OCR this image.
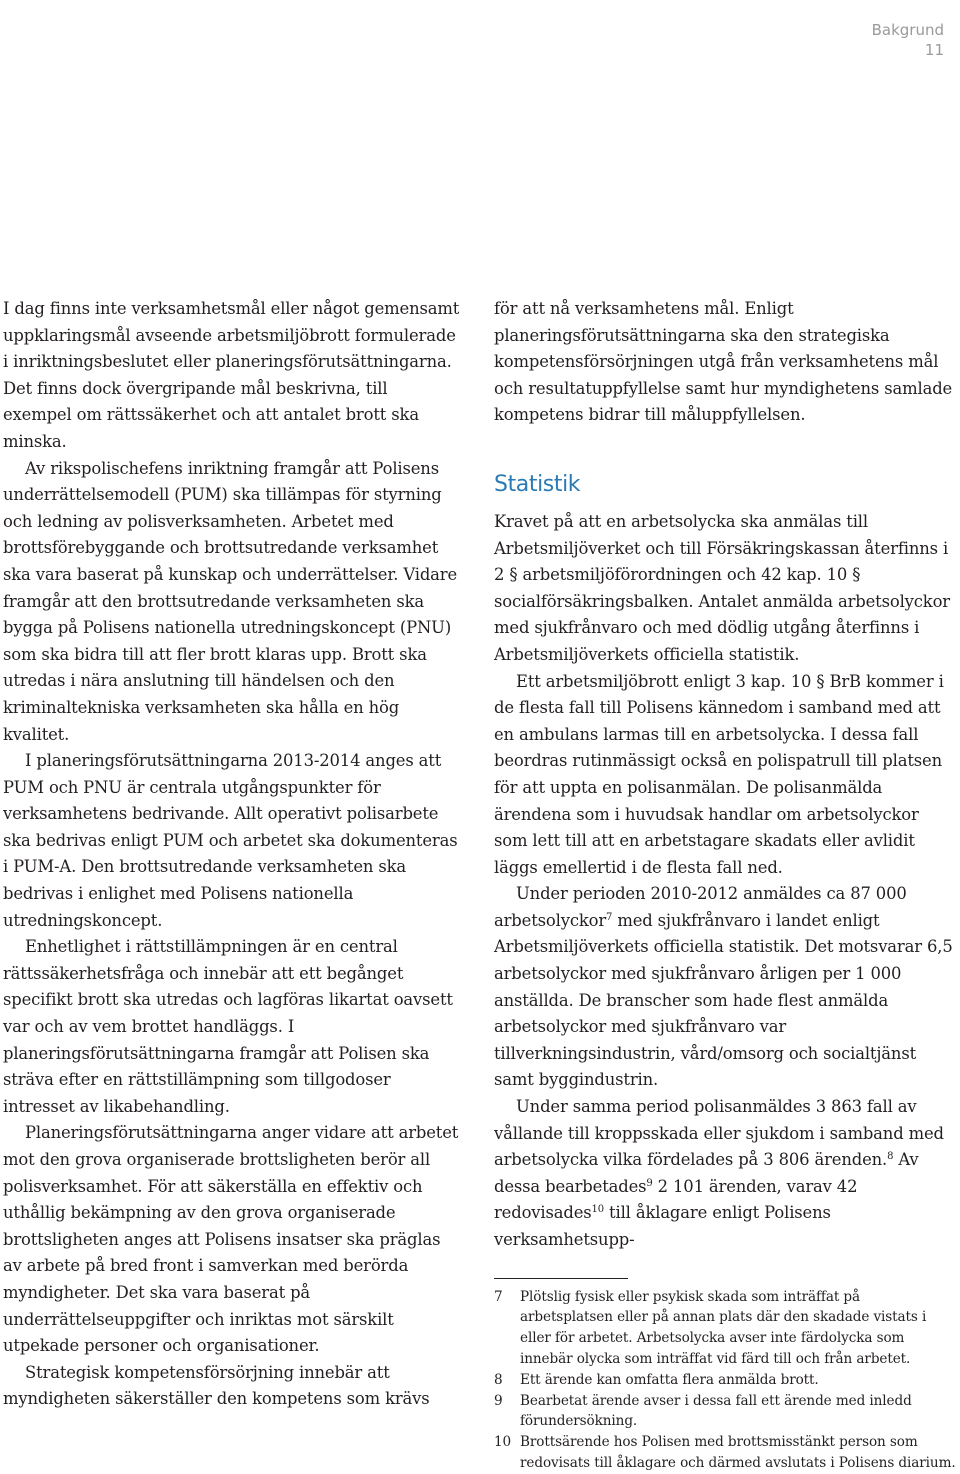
Bakgrund
11

I dag finns inte verksamhetsmål eller något gemensamt uppklaringsmål avseende arbetsmiljöbrott formulerade i inriktningsbeslutet eller planeringsförutsättningarna. Det finns dock övergripande mål beskrivna, till exempel om rättssäkerhet och att antalet brott ska minska.

Av rikspolischefens inriktning framgår att Polisens underrättelsemodell (PUM) ska tillämpas för styrning och ledning av polisverksamheten. Arbetet med brottsförebyggande och brottsutredande verksamhet ska vara baserat på kunskap och underrättelser. Vidare framgår att den brottsutredande verksamheten ska bygga på Polisens nationella utredningskoncept (PNU) som ska bidra till att fler brott klaras upp. Brott ska utredas i nära anslutning till händelsen och den kriminaltekniska verksamheten ska hålla en hög kvalitet.

I planeringsförutsättningarna 2013-2014 anges att PUM och PNU är centrala utgångspunkter för verksamhetens bedrivande. Allt operativt polisarbete ska bedrivas enligt PUM och arbetet ska dokumenteras i PUM-A. Den brottsutredande verksamheten ska bedrivas i enlighet med Polisens nationella utredningskoncept.

Enhetlighet i rättstillämpningen är en central rättssäkerhetsfråga och innebär att ett begånget specifikt brott ska utredas och lagföras likartat oavsett var och av vem brottet handläggs. I planeringsförutsättningarna framgår att Polisen ska sträva efter en rättstillämpning som tillgodoser intresset av likabehandling.

Planeringsförutsättningarna anger vidare att arbetet mot den grova organiserade brottsligheten berör all polisverksamhet. För att säkerställa en effektiv och uthållig bekämpning av den grova organiserade brottsligheten anges att Polisens insatser ska präglas av arbete på bred front i samverkan med berörda myndigheter. Det ska vara baserat på underrättelseuppgifter och inriktas mot särskilt utpekade personer och organisationer.

Strategisk kompetensförsörjning innebär att myndigheten säkerställer den kompetens som krävs

för att nå verksamhetens mål. Enligt planeringsförutsättningarna ska den strategiska kompetensförsörjningen utgå från verksamhetens mål och resultatuppfyllelse samt hur myndighetens samlade kompetens bidrar till måluppfyllelsen.

Statistik

Kravet på att en arbetsolycka ska anmälas till Arbetsmiljöverket och till Försäkringskassan återfinns i 2 § arbetsmiljöförordningen och 42 kap. 10 § socialförsäkringsbalken. Antalet anmälda arbetsolyckor med sjukfrånvaro och med dödlig utgång återfinns i Arbetsmiljöverkets officiella statistik.

Ett arbetsmiljöbrott enligt 3 kap. 10 § BrB kommer i de flesta fall till Polisens kännedom i samband med att en ambulans larmas till en arbetsolycka. I dessa fall beordras rutinmässigt också en polispatrull till platsen för att uppta en polisanmälan. De polisanmälda ärendena som i huvudsak handlar om arbetsolyckor som lett till att en arbetstagare skadats eller avlidit läggs emellertid i de flesta fall ned.

Under perioden 2010-2012 anmäldes ca 87 000 arbetsolyckor$^7$ med sjukfrånvaro i landet enligt Arbetsmiljöverkets officiella statistik. Det motsvarar 6,5 arbetsolyckor med sjukfrånvaro årligen per 1 000 anställda. De branscher som hade flest anmälda arbetsolyckor med sjukfrånvaro var tillverkningsindustrin, vård/omsorg och socialtjänst samt byggindustrin.

Under samma period polisanmäldes 3 863 fall av vållande till kroppsskada eller sjukdom i samband med arbetsolycka vilka fördelades på 3 806 ärenden.$^8$ Av dessa bearbetades$^9$ 2 101 ärenden, varav 42 redovisades$^{10}$ till åklagare enligt Polisens verksamhetsupp-

7	Plötslig fysisk eller psykisk skada som inträffat på arbetsplatsen eller på annan plats där den skadade vistats i eller för arbetet. Arbetsolycka avser inte färdolycka som innebär olycka som inträffat vid färd till och från arbetet.
8	Ett ärende kan omfatta flera anmälda brott.
9	Bearbetat ärende avser i dessa fall ett ärende med inledd förundersökning.
10 Brottsärende hos Polisen med brottsmisstänkt person som redovisats till åklagare och därmed avslutats i Polisens diarium.
